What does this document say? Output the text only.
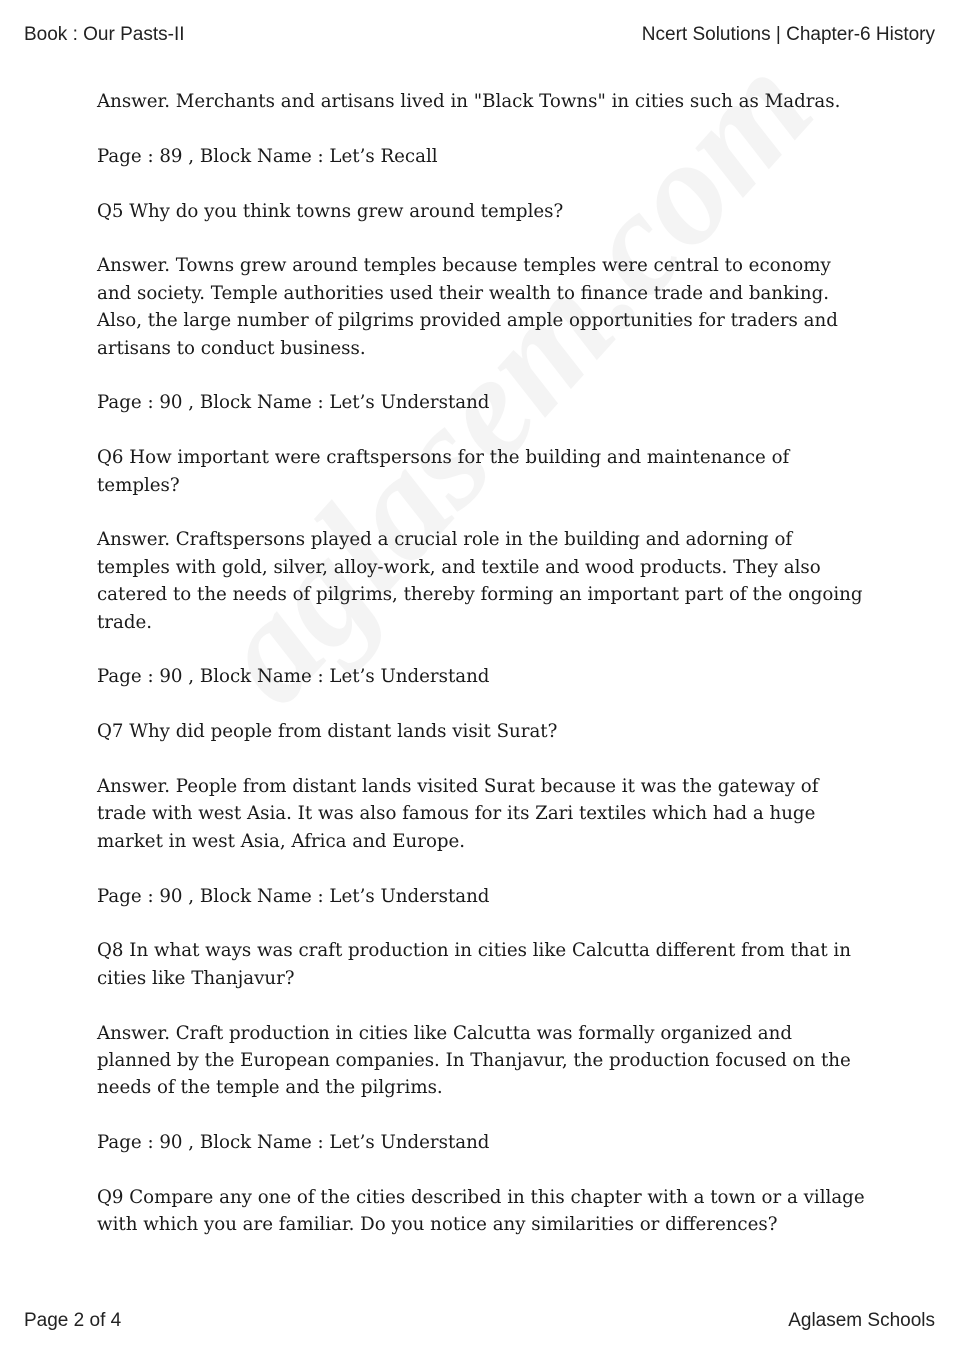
Book : Our Pasts-II	Ncert Solutions | Chapter-6 History

Answer. Merchants and artisans lived in "Black Towns" in cities such as Madras.

Page : 89 , Block Name : Let’s Recall

Q5 Why do you think towns grew around temples?

Answer. Towns grew around temples because temples were central to economy and society. Temple authorities used their wealth to finance trade and banking. Also, the large number of pilgrims provided ample opportunities for traders and artisans to conduct business.

Page : 90 , Block Name : Let’s Understand

Q6 How important were craftspersons for the building and maintenance of temples?

Answer. Craftspersons played a crucial role in the building and adorning of temples with gold, silver, alloy-work, and textile and wood products. They also catered to the needs of pilgrims, thereby forming an important part of the ongoing trade.

Page : 90 , Block Name : Let’s Understand

Q7 Why did people from distant lands visit Surat?

Answer. People from distant lands visited Surat because it was the gateway of trade with west Asia. It was also famous for its Zari textiles which had a huge market in west Asia, Africa and Europe.

Page : 90 , Block Name : Let’s Understand

Q8 In what ways was craft production in cities like Calcutta different from that in cities like Thanjavur?

Answer. Craft production in cities like Calcutta was formally organized and planned by the European companies. In Thanjavur, the production focused on the needs of the temple and the pilgrims.

Page : 90 , Block Name : Let’s Understand

Q9 Compare any one of the cities described in this chapter with a town or a village with which you are familiar. Do you notice any similarities or differences?

Page 2 of 4	Aglasem Schools
